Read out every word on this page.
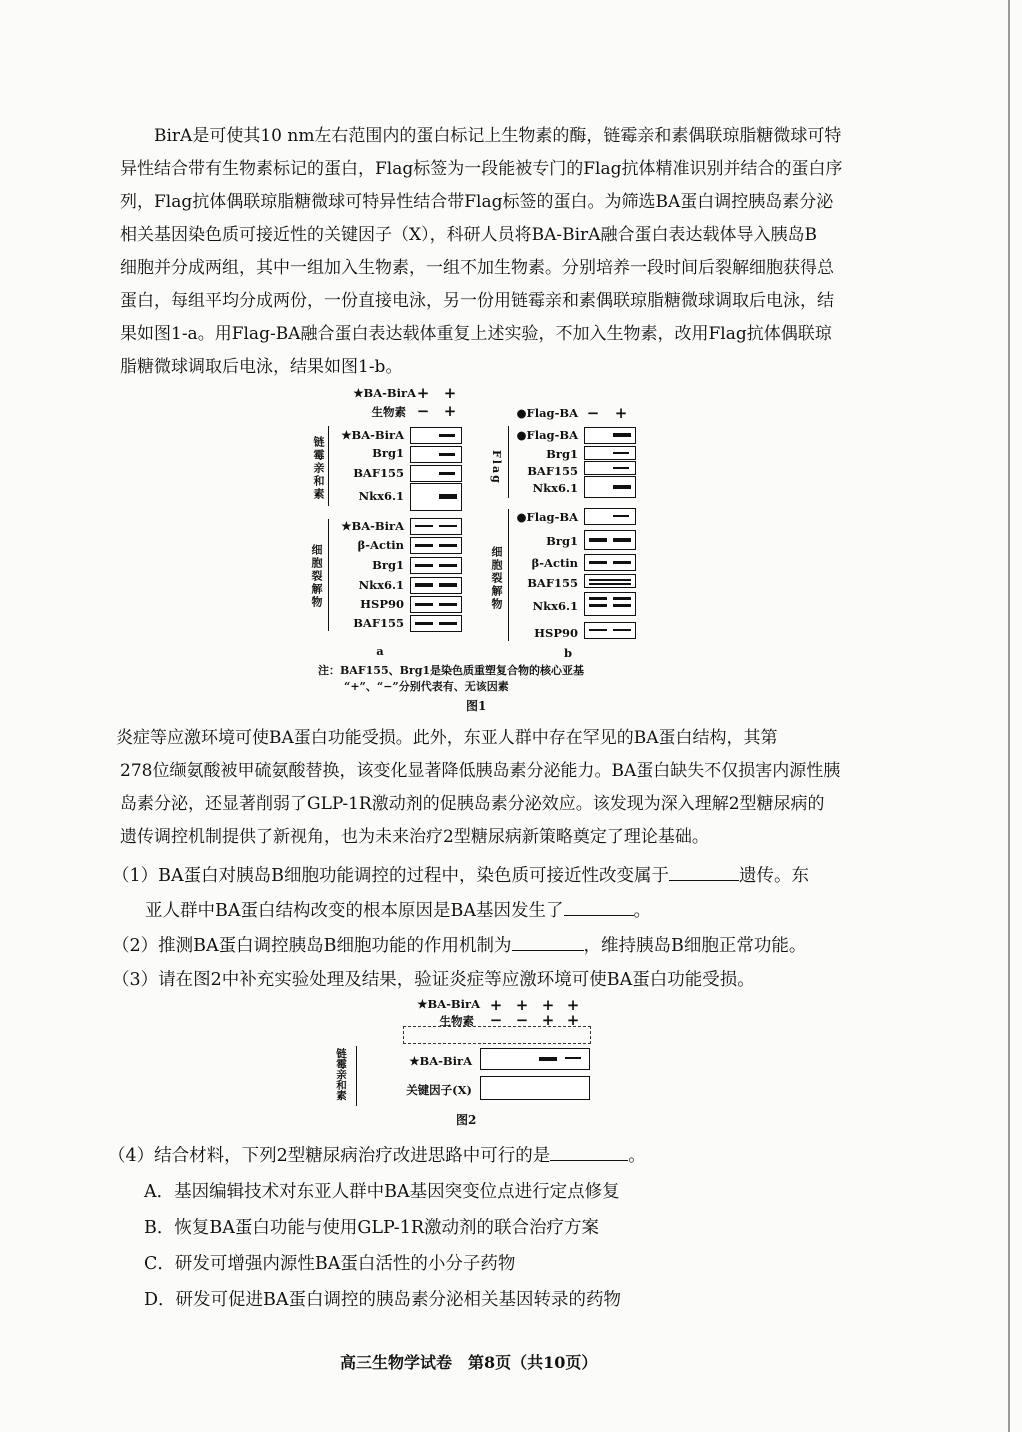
BirA是可使其10 nm左右范围内的蛋白标记上生物素的酶，链霉亲和素偶联琼脂糖微球可特
异性结合带有生物素标记的蛋白，Flag标签为一段能被专门的Flag抗体精准识别并结合的蛋白序
列，Flag抗体偶联琼脂糖微球可特异性结合带Flag标签的蛋白。为筛选BA蛋白调控胰岛素分泌
相关基因染色质可接近性的关键因子（X），科研人员将BA-BirA融合蛋白表达载体导入胰岛B
细胞并分成两组，其中一组加入生物素，一组不加生物素。分别培养一段时间后裂解细胞获得总
蛋白，每组平均分成两份，一份直接电泳，另一份用链霉亲和素偶联琼脂糖微球调取后电泳，结
果如图1-a。用Flag-BA融合蛋白表达载体重复上述实验，不加入生物素，改用Flag抗体偶联琼
脂糖微球调取后电泳，结果如图1-b。
★BA-BirA + +
生物素 − +
链霉亲和素
★BA-BirA
Brg1
BAF155
Nkx6.1
细胞裂解物
★BA-BirA
β-Actin
Brg1
Nkx6.1
HSP90
BAF155
a
●Flag-BA − +
Flag
●Flag-BA
Brg1
BAF155
Nkx6.1
细胞裂解物
●Flag-BA
Brg1
β-Actin
BAF155
Nkx6.1
HSP90
b
注：BAF155、Brg1是染色质重塑复合物的核心亚基
“+”、“−”分别代表有、无该因素
图1
炎症等应激环境可使BA蛋白功能受损。此外，东亚人群中存在罕见的BA蛋白结构，其第
278位缬氨酸被甲硫氨酸替换，该变化显著降低胰岛素分泌能力。BA蛋白缺失不仅损害内源性胰
岛素分泌，还显著削弱了GLP-1R激动剂的促胰岛素分泌效应。该发现为深入理解2型糖尿病的
遗传调控机制提供了新视角，也为未来治疗2型糖尿病新策略奠定了理论基础。
（1）BA蛋白对胰岛B细胞功能调控的过程中，染色质可接近性改变属于	遗传。东
亚人群中BA蛋白结构改变的根本原因是BA基因发生了	。
（2）推测BA蛋白调控胰岛B细胞功能的作用机制为	，维持胰岛B细胞正常功能。
（3）请在图2中补充实验处理及结果，验证炎症等应激环境可使BA蛋白功能受损。
★BA-BirA + + + +
生物素 − − + +
链霉亲和素	★BA-BirA
关键因子(X)
图2
（4）结合材料，下列2型糖尿病治疗改进思路中可行的是	。
A．基因编辑技术对东亚人群中BA基因突变位点进行定点修复
B．恢复BA蛋白功能与使用GLP-1R激动剂的联合治疗方案
C．研发可增强内源性BA蛋白活性的小分子药物
D．研发可促进BA蛋白调控的胰岛素分泌相关基因转录的药物
高三生物学试卷　第8页（共10页）
